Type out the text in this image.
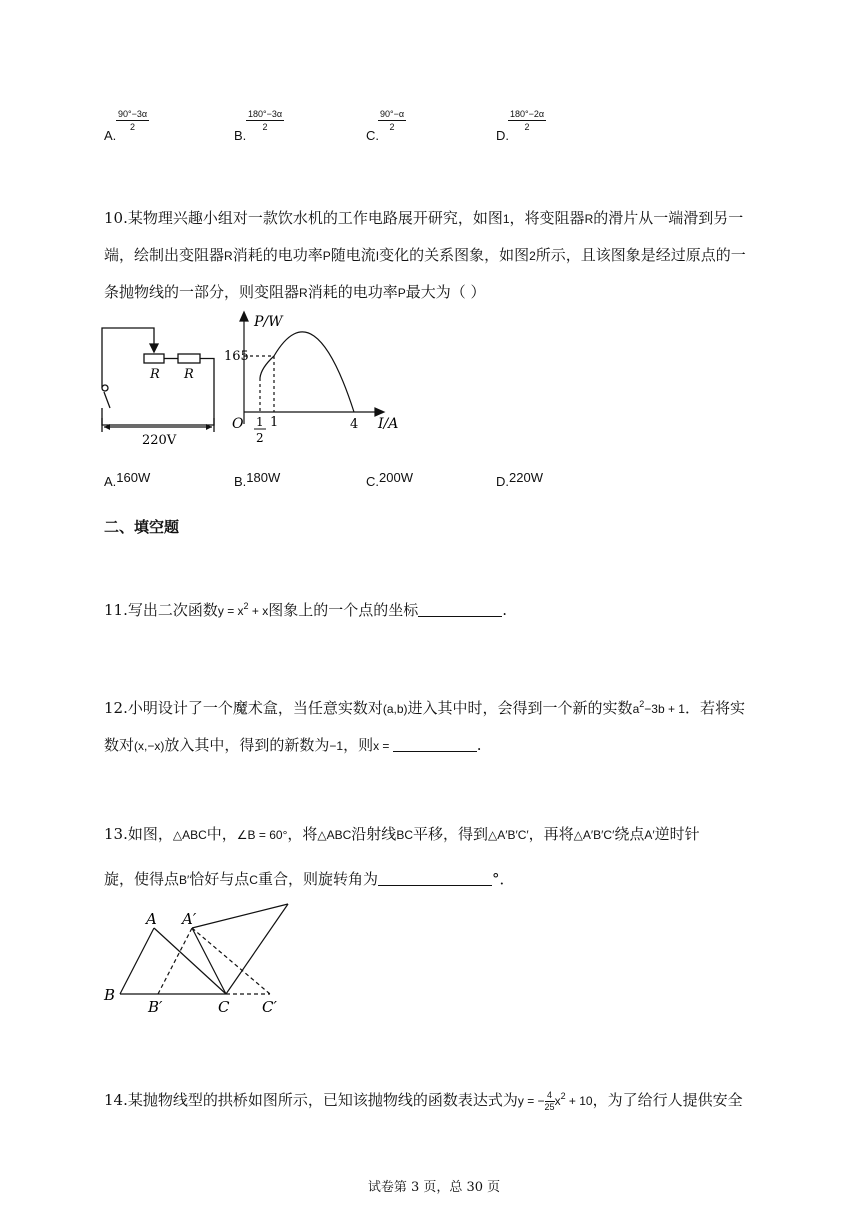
A.
$\frac{90^\circ-3\alpha}{2}$
B.
$\frac{180^\circ-3\alpha}{2}$
C.
$\frac{90^\circ-\alpha}{2}$
D.
$\frac{180^\circ-2\alpha}{2}$
10.某物理兴趣小组对一款饮水机的工作电路展开研究，如图1，将变阻器R的滑片从一端滑到另一
端，绘制出变阻器R消耗的电功率P随电流I变化的关系图象，如图2所示，且该图象是经过原点的一
条抛物线的一部分，则变阻器R消耗的电功率P最大为（ ）
R R
220V
P/W
I/A
O
165
1
2
1	4
A.160W	B.180W	C.200W	D.220W
二、填空题
11.写出二次函数$y = x^2 + x$图象上的一个点的坐标	.
12.小明设计了一个魔术盒，当任意实数对(a,b)进入其中时，会得到一个新的实数$a^2-3b + 1$．若将实
数对(x,−x)放入其中，得到的新数为−1，则x =	.
13.如图，△ABC中，∠B = 60°，将△ABC沿射线BC平移，得到△A′B′C′，再将△A′B′C′绕点A′逆时针
旋，使得点B′恰好与点C重合，则旋转角为	°．
A A′
B
B′	C C′
14.某抛物线型的拱桥如图所示，已知该抛物线的函数表达式为y = − $\frac{4}{25} x^2 + 10$，为了给行人提供安全
试卷第 3 页，总 30 页
